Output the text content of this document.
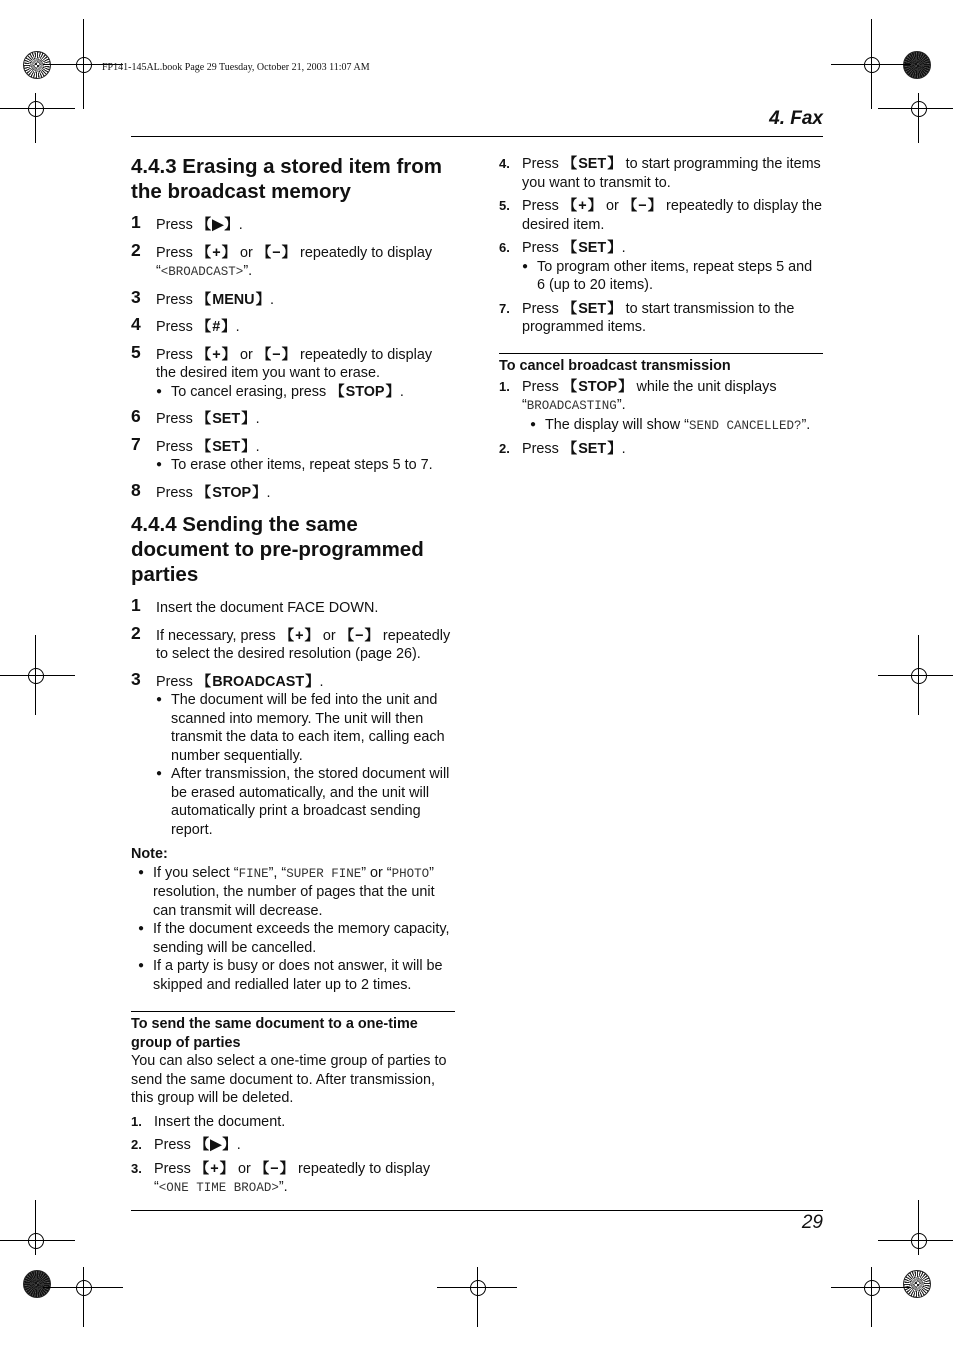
FP141-145AL.book Page 29 Tuesday, October 21, 2003 11:07 AM
4. Fax
4.4.3 Erasing a stored item from the broadcast memory
1 Press 【 ▶ 】 .
2 Press 【 + 】 or 【 − 】 repeatedly to display “<BROADCAST>”.
3 Press 【 MENU 】 .
4 Press 【 # 】 .
5 Press 【 + 】 or 【 − 】 repeatedly to display the desired item you want to erase.
● To cancel erasing, press 【 STOP 】 .
6 Press 【 SET 】 .
7 Press 【 SET 】 .
● To erase other items, repeat steps 5 to 7.
8 Press 【 STOP 】 .
4.4.4 Sending the same document to pre-programmed parties
1 Insert the document FACE DOWN.
2 If necessary, press 【 + 】 or 【 − 】 repeatedly to select the desired resolution (page 26).
3 Press 【 BROADCAST 】 .
● The document will be fed into the unit and scanned into memory. The unit will then transmit the data to each item, calling each number sequentially.
● After transmission, the stored document will be erased automatically, and the unit will automatically print a broadcast sending report.
Note:
● If you select “FINE”, “SUPER FINE” or “PHOTO” resolution, the number of pages that the unit can transmit will decrease.
● If the document exceeds the memory capacity, sending will be cancelled.
● If a party is busy or does not answer, it will be skipped and redialled later up to 2 times.
To send the same document to a one-time group of parties
You can also select a one-time group of parties to send the same document to. After transmission, this group will be deleted.
1. Insert the document.
2. Press 【 ▶ 】 .
3. Press 【 + 】 or 【 − 】 repeatedly to display “<ONE TIME BROAD>”.
4. Press 【 SET 】 to start programming the items you want to transmit to.
5. Press 【 + 】 or 【 − 】 repeatedly to display the desired item.
6. Press 【 SET 】 .
● To program other items, repeat steps 5 and 6 (up to 20 items).
7. Press 【 SET 】 to start transmission to the programmed items.
To cancel broadcast transmission
1. Press 【 STOP 】 while the unit displays “BROADCASTING”.
● The display will show “SEND CANCELLED?”.
2. Press 【 SET 】 .
29
